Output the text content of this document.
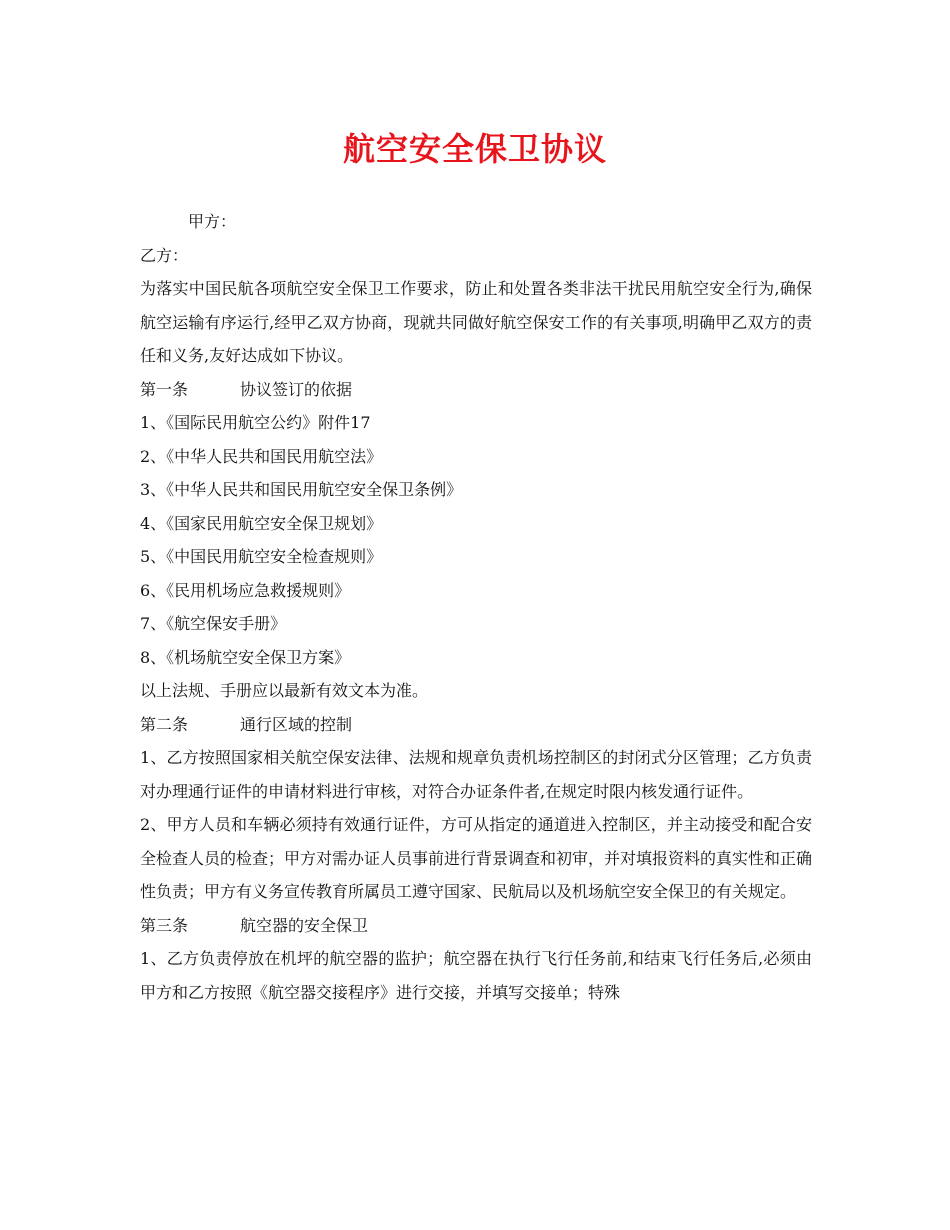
航空安全保卫协议

甲方：

乙方：

为落实中国民航各项航空安全保卫工作要求，防止和处置各类非法干扰民用航空安全行为,确保航空运输有序运行,经甲乙双方协商，现就共同做好航空保安工作的有关事项,明确甲乙双方的责任和义务,友好达成如下协议。

第一条	协议签订的依据

1、《国际民用航空公约》附件17

2、《中华人民共和国民用航空法》

3、《中华人民共和国民用航空安全保卫条例》

4、《国家民用航空安全保卫规划》

5、《中国民用航空安全检查规则》

6、《民用机场应急救援规则》

7、《航空保安手册》

8、《机场航空安全保卫方案》

以上法规、手册应以最新有效文本为准。

第二条	通行区域的控制

1、乙方按照国家相关航空保安法律、法规和规章负责机场控制区的封闭式分区管理；乙方负责对办理通行证件的申请材料进行审核，对符合办证条件者,在规定时限内核发通行证件。

2、甲方人员和车辆必须持有效通行证件，方可从指定的通道进入控制区，并主动接受和配合安全检查人员的检查；甲方对需办证人员事前进行背景调查和初审，并对填报资料的真实性和正确性负责；甲方有义务宣传教育所属员工遵守国家、民航局以及机场航空安全保卫的有关规定。

第三条	航空器的安全保卫

1、乙方负责停放在机坪的航空器的监护；航空器在执行飞行任务前,和结束飞行任务后,必须由甲方和乙方按照《航空器交接程序》进行交接，并填写交接单；特殊
